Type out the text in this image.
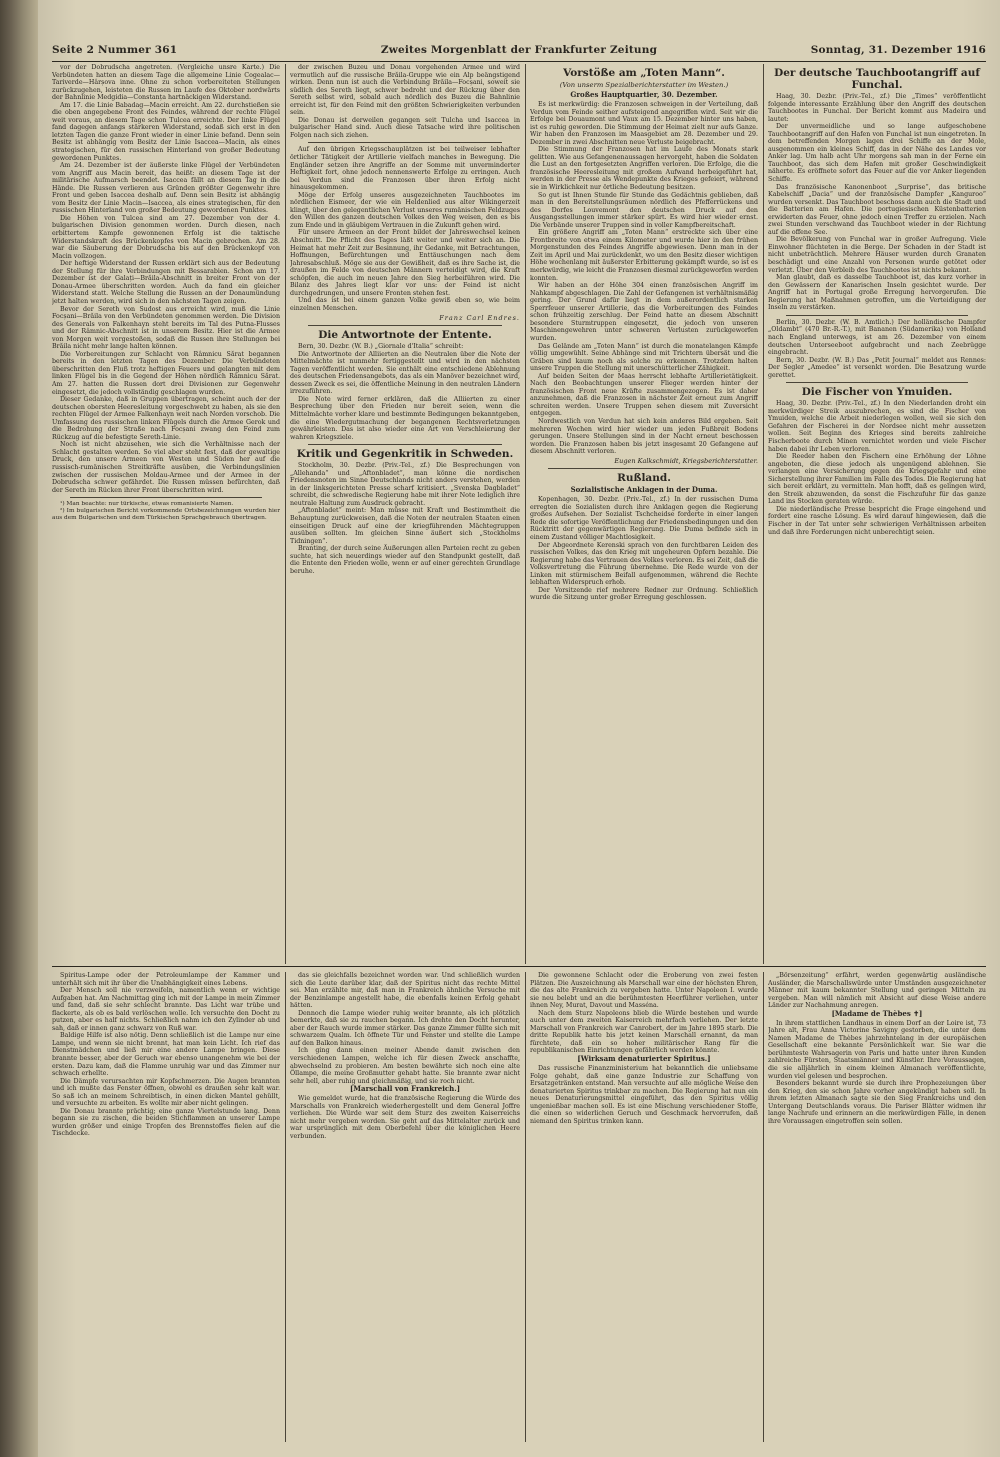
Seite 2 Nummer 361	Zweites Morgenblatt der Frankfurter Zeitung	Sonntag, 31. Dezember 1916

vor der Dobrudscha angetreten. (Vergleiche unsre Karte.) Die Verbündeten hatten an diesem Tage die allgemeine Linie Cogealac—Tariverde—Hârșova inne. Ohne zu schon vorbereiteten Stellungen zurückzugehen, leisteten die Russen im Laufe des Oktober nordwärts der Bahnlinie Medgidia—Constanța hartnäckigen Widerstand.

Am 17. die Linie Babadag—Macin erreicht. Am 22. durchstießen sie die oben angegebene Front des Feindes, während der rechte Flügel weit voraus, an diesem Tage schon Tulcea erreichte. Der linke Flügel fand dagegen anfangs stärkeren Widerstand, sodaß sich erst in den letzten Tagen die ganze Front wieder in einer Linie befand. Denn sein Besitz ist abhängig vom Besitz der Linie Isaccea—Macin, als eines strategischen, für den russischen Hinterland von großer Bedeutung gewordenen Punktes.

Am 24. Dezember ist der äußerste linke Flügel der Verbündeten vom Angriff aus Macin bereit, das heißt: an diesem Tage ist der militärische Aufmarsch beendet. Isaccea fällt an diesem Tag in die Hände. Die Russen verlieren aus Gründen größter Gegenwehr ihre Front und geben Isaccea deshalb auf. Denn sein Besitz ist abhängig vom Besitz der Linie Macin—Isaccea, als eines strategischen, für den russischen Hinterland von großer Bedeutung gewordenen Punktes.

Die Höhen von Tulcea sind am 27. Dezember von der 4. bulgarischen Division genommen worden. Durch diesen, nach erbittertem Kampfe gewonnenen Erfolg ist die taktische Widerstandskraft des Brückenkopfes von Macin gebrochen. Am 28. war die Säuberung der Dobrudscha bis auf den Brückenkopf von Macin vollzogen.

Der heftige Widerstand der Russen erklärt sich aus der Bedeutung der Stellung für ihre Verbindungen mit Bessarabien. Schon am 17. Dezember ist der Galați—Brăila-Abschnitt in breiter Front von der Donau-Armee überschritten worden. Auch da fand ein gleicher Widerstand statt. Welche Stellung die Russen an der Donaumündung jetzt halten werden, wird sich in den nächsten Tagen zeigen.

Bevor der Sereth von Sudost aus erreicht wird, muß die Linie Focșani—Brăila von den Verbündeten genommen werden. Die Division des Generals von Falkenhayn steht bereits im Tal des Putna-Flusses und der Râmnic-Abschnitt ist in unserem Besitz. Hier ist die Armee von Morgen weit vorgestoßen, sodaß die Russen ihre Stellungen bei Brăila nicht mehr lange halten können.

Die Vorbereitungen zur Schlacht von Râmnicu Sărat begannen bereits in den letzten Tagen des Dezember. Die Verbündeten überschritten den Fluß trotz heftigen Feuers und gelangten mit dem linken Flügel bis in die Gegend der Höhen nördlich Râmnicu Sărat. Am 27. hatten die Russen dort drei Divisionen zur Gegenwehr eingesetzt, die jedoch vollständig geschlagen wurden.

Dieser Gedanke, daß in Gruppen übertragen, scheint auch der der deutschen obersten Heeresleitung vorgeschwebt zu haben, als sie den rechten Flügel der Armee Falkenhayn weit nach Norden vorschob. Die Umfassung des russischen linken Flügels durch die Armee Gerok und die Bedrohung der Straße nach Focșani zwang den Feind zum Rückzug auf die befestigte Sereth-Linie.

Noch ist nicht abzusehen, wie sich die Verhältnisse nach der Schlacht gestalten werden. So viel aber steht fest, daß der gewaltige Druck, den unsere Armeen von Westen und Süden her auf die russisch-rumänischen Streitkräfte ausüben, die Verbindungslinien zwischen der russischen Moldau-Armee und der Armee in der Dobrudscha schwer gefährdet. Die Russen müssen befürchten, daß der Sereth im Rücken ihrer Front überschritten wird.

¹) Man beachte: nur türkische, etwas romanisierte Namen.

²) Im bulgarischen Bericht vorkommende Ortsbezeichnungen wurden hier aus dem Bulgarischen und dem Türkischen Sprachgebrauch übertragen.

der zwischen Buzeu und Donau vorgehenden Armee und wird vermutlich auf die russische Brăila-Gruppe wie ein Alp beängstigend wirken. Denn nun ist auch die Verbindung Brăila—Focșani, soweit sie südlich des Sereth liegt, schwer bedroht und der Rückzug über den Sereth selbst wird, sobald auch nördlich des Buzeu die Bahnlinie erreicht ist, für den Feind mit den größten Schwierigkeiten verbunden sein.

Die Donau ist derweilen gegangen seit Tulcha und Isaccea in bulgarischer Hand sind. Auch diese Tatsache wird ihre politischen Folgen nach sich ziehen.

Auf den übrigen Kriegsschauplätzen ist bei teilweiser lebhafter örtlicher Tätigkeit der Artillerie vielfach manches in Bewegung. Die Engländer setzen ihre Angriffe an der Somme mit unverminderter Heftigkeit fort, ohne jedoch nennenswerte Erfolge zu erringen. Auch bei Verdun sind die Franzosen über ihren Erfolg nicht hinausgekommen.

Möge der Erfolg unseres ausgezeichneten Tauchbootes im nördlichen Eismeer, der wie ein Heldenlied aus alter Wikingerzeit klingt, über den gelegentlichen Verlust unseres rumänischen Feldzuges den Willen des ganzen deutschen Volkes den Weg weisen, den es bis zum Ende und in gläubigem Vertrauen in die Zukunft gehen wird.

Für unsere Armeen an der Front bildet der Jahreswechsel keinen Abschnitt. Die Pflicht des Tages läßt weiter und weiter sich an. Die Heimat hat mehr Zeit zur Besinnung, ihr Gedanke, mit Betrachtungen, Hoffnungen, Befürchtungen und Enttäuschungen nach dem Jahresabschluß. Möge sie aus der Gewißheit, daß es ihre Sache ist, die draußen im Felde von deutschen Männern verteidigt wird, die Kraft schöpfen, die auch im neuen Jahre den Sieg herbeiführen wird. Die Bilanz des Jahres liegt klar vor uns: der Feind ist nicht durchgedrungen, und unsere Fronten stehen fest.

Und das ist bei einem ganzen Volke gewiß eben so, wie beim einzelnen Menschen.

Franz Carl Endres.
Die Antwortnote der Entente.

Bern, 30. Dezbr. (W. B.) „Giornale d'Italia“ schreibt:

Die Antwortnote der Alliierten an die Neutralen über die Note der Mittelmächte ist nunmehr fertiggestellt und wird in den nächsten Tagen veröffentlicht werden. Sie enthält eine entschiedene Ablehnung des deutschen Friedensangebots, das als ein Manöver bezeichnet wird, dessen Zweck es sei, die öffentliche Meinung in den neutralen Ländern irrezuführen.

Die Note wird ferner erklären, daß die Alliierten zu einer Besprechung über den Frieden nur bereit seien, wenn die Mittelmächte vorher klare und bestimmte Bedingungen bekanntgeben, die eine Wiedergutmachung der begangenen Rechtsverletzungen gewährleisten. Das ist also wieder eine Art von Verschleierung der wahren Kriegsziele.

Kritik und Gegenkritik in Schweden.

Stockholm, 30. Dezbr. (Priv.-Tel., zf.) Die Besprechungen von „Allehanda“ und „Aftonbladet“, man könne die nordischen Friedensnoten im Sinne Deutschlands nicht anders verstehen, werden in der linksgerichteten Presse scharf kritisiert. „Svenska Dagbladet“ schreibt, die schwedische Regierung habe mit ihrer Note lediglich ihre neutrale Haltung zum Ausdruck gebracht.

„Aftonbladet“ meint: Man müsse mit Kraft und Bestimmtheit die Behauptung zurückweisen, daß die Noten der neutralen Staaten einen einseitigen Druck auf eine der kriegführenden Mächtegruppen ausüben sollten. Im gleichen Sinne äußert sich „Stockholms Tidningen“.

Branting, der durch seine Äußerungen allen Parteien recht zu geben suchte, hat sich neuerdings wieder auf den Standpunkt gestellt, daß die Entente den Frieden wolle, wenn er auf einer gerechten Grundlage beruhe.

Vorstöße am „Toten Mann“.
(Von unserm Spezialberichterstatter im Westen.)
Großes Hauptquartier, 30. Dezember.

Es ist merkwürdig: die Franzosen schweigen in der Verteilung, daß Verdun vom Feinde seither aufsteigend angegriffen wird. Seit wir die Erfolge bei Douaumont und Vaux am 15. Dezember hinter uns haben, ist es ruhig geworden. Die Stimmung der Heimat zielt nur aufs Ganze. Wir haben den Franzosen im Maasgebiet am 28. Dezember und 29. Dezember in zwei Abschnitten neue Verluste beigebracht.

Die Stimmung der Franzosen hat im Laufe des Monats stark gelitten. Wie aus Gefangenenaussagen hervorgeht, haben die Soldaten die Lust an den fortgesetzten Angriffen verloren. Die Erfolge, die die französische Heeresleitung mit großem Aufwand herbeigeführt hat, werden in der Presse als Wendepunkte des Krieges gefeiert, während sie in Wirklichkeit nur örtliche Bedeutung besitzen.

So gut ist Ihnen Stunde für Stunde das Gedächtnis geblieben, daß man in den Bereitstellungsräumen nördlich des Pfefferrückens und des Dorfes Louvemont den deutschen Druck auf den Ausgangsstellungen immer stärker spürt. Es wird hier wieder ernst. Die Verbände unserer Truppen sind in voller Kampfbereitschaft.

Ein größere Angriff am „Toten Mann“ erstreckte sich über eine Frontbreite von etwa einem Kilometer und wurde hier in den frühen Morgenstunden des Feindes Angriffe abgewiesen. Denn man in der Zeit im April und Mai zurückdenkt, wo um den Besitz dieser wichtigen Höhe wochenlang mit äußerster Erbitterung gekämpft wurde, so ist es merkwürdig, wie leicht die Franzosen diesmal zurückgeworfen werden konnten.

Wir haben an der Höhe 304 einen französischen Angriff im Nahkampf abgeschlagen. Die Zahl der Gefangenen ist verhältnismäßig gering. Der Grund dafür liegt in dem außerordentlich starken Sperrfeuer unserer Artillerie, das die Vorbereitungen des Feindes schon frühzeitig zerschlug. Der Feind hatte an diesem Abschnitt besondere Sturmtruppen eingesetzt, die jedoch von unseren Maschinengewehren unter schweren Verlusten zurückgeworfen wurden.

Das Gelände am „Toten Mann“ ist durch die monatelangen Kämpfe völlig umgewühlt. Seine Abhänge sind mit Trichtern übersät und die Gräben sind kaum noch als solche zu erkennen. Trotzdem halten unsere Truppen die Stellung mit unerschütterlicher Zähigkeit.

Auf beiden Seiten der Maas herrscht lebhafte Artillerietätigkeit. Nach den Beobachtungen unserer Flieger werden hinter der französischen Front neue Kräfte zusammengezogen. Es ist daher anzunehmen, daß die Franzosen in nächster Zeit erneut zum Angriff schreiten werden. Unsere Truppen sehen diesem mit Zuversicht entgegen.

Nordwestlich von Verdun hat sich kein anderes Bild ergeben. Seit mehreren Wochen wird hier wieder um jeden Fußbreit Bodens gerungen. Unsere Stellungen sind in der Nacht erneut beschossen worden. Die Franzosen haben bis jetzt insgesamt 20 Gefangene auf diesem Abschnitt verloren.

Eugen Kalkschmidt, Kriegsberichterstatter.
Rußland.
Sozialistische Anklagen in der Duma.

Kopenhagen, 30. Dezbr. (Priv.-Tel., zf.) In der russischen Duma erregten die Sozialisten durch ihre Anklagen gegen die Regierung großes Aufsehen. Der Sozialist Tschcheidse forderte in einer langen Rede die sofortige Veröffentlichung der Friedensbedingungen und den Rücktritt der gegenwärtigen Regierung. Die Duma befinde sich in einem Zustand völliger Machtlosigkeit.

Der Abgeordnete Kerenski sprach von den furchtbaren Leiden des russischen Volkes, das den Krieg mit ungeheuren Opfern bezahle. Die Regierung habe das Vertrauen des Volkes verloren. Es sei Zeit, daß die Volksvertretung die Führung übernehme. Die Rede wurde von der Linken mit stürmischem Beifall aufgenommen, während die Rechte lebhaften Widerspruch erhob.

Der Vorsitzende rief mehrere Redner zur Ordnung. Schließlich wurde die Sitzung unter großer Erregung geschlossen.

Der deutsche Tauchbootangriff auf Funchal.

Haag, 30. Dezbr. (Priv.-Tel., zf.) Die „Times“ veröffentlicht folgende interessante Erzählung über den Angriff des deutschen Tauchbootes in Funchal. Der Bericht kommt aus Madeira und lautet:

Der unvermeidliche und so lange aufgeschobene Tauchbootangriff auf den Hafen von Funchal ist nun eingetreten. In dem betreffenden Morgen lagen drei Schiffe an der Mole, ausgenommen ein kleines Schiff, das in der Nähe des Landes vor Anker lag. Um halb acht Uhr morgens sah man in der Ferne ein Tauchboot, das sich dem Hafen mit großer Geschwindigkeit näherte. Es eröffnete sofort das Feuer auf die vor Anker liegenden Schiffe.

Das französische Kanonenboot „Surprise“, das britische Kabelschiff „Dacia“ und der französische Dampfer „Kanguroo“ wurden versenkt. Das Tauchboot beschoss dann auch die Stadt und die Batterien am Hafen. Die portugiesischen Küstenbatterien erwiderten das Feuer, ohne jedoch einen Treffer zu erzielen. Nach zwei Stunden verschwand das Tauchboot wieder in der Richtung auf die offene See.

Die Bevölkerung von Funchal war in großer Aufregung. Viele Einwohner flüchteten in die Berge. Der Schaden in der Stadt ist nicht unbeträchtlich. Mehrere Häuser wurden durch Granaten beschädigt und eine Anzahl von Personen wurde getötet oder verletzt. Über den Verbleib des Tauchbootes ist nichts bekannt.

Man glaubt, daß es dasselbe Tauchboot ist, das kurz vorher in den Gewässern der Kanarischen Inseln gesichtet wurde. Der Angriff hat in Portugal große Erregung hervorgerufen. Die Regierung hat Maßnahmen getroffen, um die Verteidigung der Inseln zu verstärken.

Berlin, 30. Dezbr. (W. B. Amtlich.) Der holländische Dampfer „Oldambt“ (470 Br.-R.-T.), mit Bananen (Südamerika) von Holland nach England unterwegs, ist am 26. Dezember von einem deutschen Unterseeboot aufgebracht und nach Zeebrügge eingebracht.

Bern, 30. Dezbr. (W. B.) Das „Petit Journal“ meldet aus Rennes: Der Segler „Amedee“ ist versenkt worden. Die Besatzung wurde gerettet.

Die Fischer von Ymuiden.

Haag, 30. Dezbr. (Priv.-Tel., zf.) In den Niederlanden droht ein merkwürdiger Streik auszubrechen, es sind die Fischer von Ymuiden, welche die Arbeit niederlegen wollen, weil sie sich den Gefahren der Fischerei in der Nordsee nicht mehr aussetzen wollen. Seit Beginn des Krieges sind bereits zahlreiche Fischerboote durch Minen vernichtet worden und viele Fischer haben dabei ihr Leben verloren.

Die Reeder haben den Fischern eine Erhöhung der Löhne angeboten, die diese jedoch als ungenügend ablehnen. Sie verlangen eine Versicherung gegen die Kriegsgefahr und eine Sicherstellung ihrer Familien im Falle des Todes. Die Regierung hat sich bereit erklärt, zu vermitteln. Man hofft, daß es gelingen wird, den Streik abzuwenden, da sonst die Fischzufuhr für das ganze Land ins Stocken geraten würde.

Die niederländische Presse bespricht die Frage eingehend und fordert eine rasche Lösung. Es wird darauf hingewiesen, daß die Fischer in der Tat unter sehr schwierigen Verhältnissen arbeiten und daß ihre Forderungen nicht unberechtigt seien.

Spiritus-Lampe oder der Petroleumlampe der Kammer und unterhält sich mit ihr über die Unabhängigkeit eines Lebens.

Der Mensch soll nie verzweifeln, namentlich wenn er wichtige Aufgaben hat. Am Nachmittag ging ich mit der Lampe in mein Zimmer und fand, daß sie sehr schlecht brannte. Das Licht war trübe und flackerte, als ob es bald verlöschen wolle. Ich versuchte den Docht zu putzen, aber es half nichts. Schließlich nahm ich den Zylinder ab und sah, daß er innen ganz schwarz von Ruß war.

Baldige Hilfe ist also nötig. Denn schließlich ist die Lampe nur eine Lampe, und wenn sie nicht brennt, hat man kein Licht. Ich rief das Dienstmädchen und ließ mir eine andere Lampe bringen. Diese brannte besser, aber der Geruch war ebenso unangenehm wie bei der ersten. Dazu kam, daß die Flamme unruhig war und das Zimmer nur schwach erhellte.

Die Dämpfe verursachten mir Kopfschmerzen. Die Augen brannten und ich mußte das Fenster öffnen, obwohl es draußen sehr kalt war. So saß ich an meinem Schreibtisch, in einen dicken Mantel gehüllt, und versuchte zu arbeiten. Es wollte mir aber nicht gelingen.

Die Donau brannte prächtig; eine ganze Viertelstunde lang. Denn begann sie zu zischen, die beiden Stichflammen an unserer Lampe wurden größer und einige Tropfen des Brennstoffes fielen auf die Tischdecke.

das sie gleichfalls bezeichnet worden war. Und schließlich wurden sich die Leute darüber klar, daß der Spiritus nicht das rechte Mittel sei. Man erzählte mir, daß man in Frankreich ähnliche Versuche mit der Benzinlampe angestellt habe, die ebenfalls keinen Erfolg gehabt hätten.

Dennoch die Lampe wieder ruhig weiter brannte, als ich plötzlich bemerkte, daß sie zu rauchen begann. Ich drehte den Docht herunter, aber der Rauch wurde immer stärker. Das ganze Zimmer füllte sich mit schwarzem Qualm. Ich öffnete Tür und Fenster und stellte die Lampe auf den Balkon hinaus.

Ich ging dann einen meiner Abende damit zwischen den verschiedenen Lampen, welche ich für diesen Zweck anschaffte, abwechselnd zu probieren. Am besten bewährte sich noch eine alte Öllampe, die meine Großmutter gehabt hatte. Sie brannte zwar nicht sehr hell, aber ruhig und gleichmäßig, und sie roch nicht.

[Marschall von Frankreich.]

Wie gemeldet wurde, hat die französische Regierung die Würde des Marschalls von Frankreich wiederhergestellt und dem General Joffre verliehen. Die Würde war seit dem Sturz des zweiten Kaiserreichs nicht mehr vergeben worden. Sie geht auf das Mittelalter zurück und war ursprünglich mit dem Oberbefehl über die königlichen Heere verbunden.

Die gewonnene Schlacht oder die Eroberung von zwei festen Plätzen. Die Auszeichnung als Marschall war eine der höchsten Ehren, die das alte Frankreich zu vergeben hatte. Unter Napoleon I. wurde sie neu belebt und an die berühmtesten Heerführer verliehen, unter ihnen Ney, Murat, Davout und Masséna.

Nach dem Sturz Napoleons blieb die Würde bestehen und wurde auch unter dem zweiten Kaiserreich mehrfach verliehen. Der letzte Marschall von Frankreich war Canrobert, der im Jahre 1895 starb. Die dritte Republik hatte bis jetzt keinen Marschall ernannt, da man fürchtete, daß ein so hoher militärischer Rang für die republikanischen Einrichtungen gefährlich werden könnte.

[Wirksam denaturierter Spiritus.]

Das russische Finanzministerium hat bekanntlich die unliebsame Folge gehabt, daß eine ganze Industrie zur Schaffung von Ersatzgetränken entstand. Man versuchte auf alle mögliche Weise den denaturierten Spiritus trinkbar zu machen. Die Regierung hat nun ein neues Denaturierungsmittel eingeführt, das den Spiritus völlig ungenießbar machen soll. Es ist eine Mischung verschiedener Stoffe, die einen so widerlichen Geruch und Geschmack hervorrufen, daß niemand den Spiritus trinken kann.

„Börsenzeitung“ erfährt, werden gegenwärtig ausländische Ausländer, die Marschallswürde unter Umständen ausgezeichneter Männer mit kaum bekannter Stellung und geringen Mitteln zu vergeben. Man will nämlich mit Absicht auf diese Weise andere Länder zur Nachahmung anregen.

[Madame de Thèbes ✝]

In ihrem stattlichen Landhaus in einem Dorf an der Loire ist, 73 Jahre alt, Frau Anna Victorine Savigny gestorben, die unter dem Namen Madame de Thèbes jahrzehntelang in der europäischen Gesellschaft eine bekannte Persönlichkeit war. Sie war die berühmteste Wahrsagerin von Paris und hatte unter ihren Kunden zahlreiche Fürsten, Staatsmänner und Künstler. Ihre Voraussagen, die sie alljährlich in einem kleinen Almanach veröffentlichte, wurden viel gelesen und besprochen.

Besonders bekannt wurde sie durch ihre Prophezeiungen über den Krieg, den sie schon Jahre vorher angekündigt haben soll. In ihrem letzten Almanach sagte sie den Sieg Frankreichs und den Untergang Deutschlands voraus. Die Pariser Blätter widmen ihr lange Nachrufe und erinnern an die merkwürdigen Fälle, in denen ihre Voraussagen eingetroffen sein sollen.
